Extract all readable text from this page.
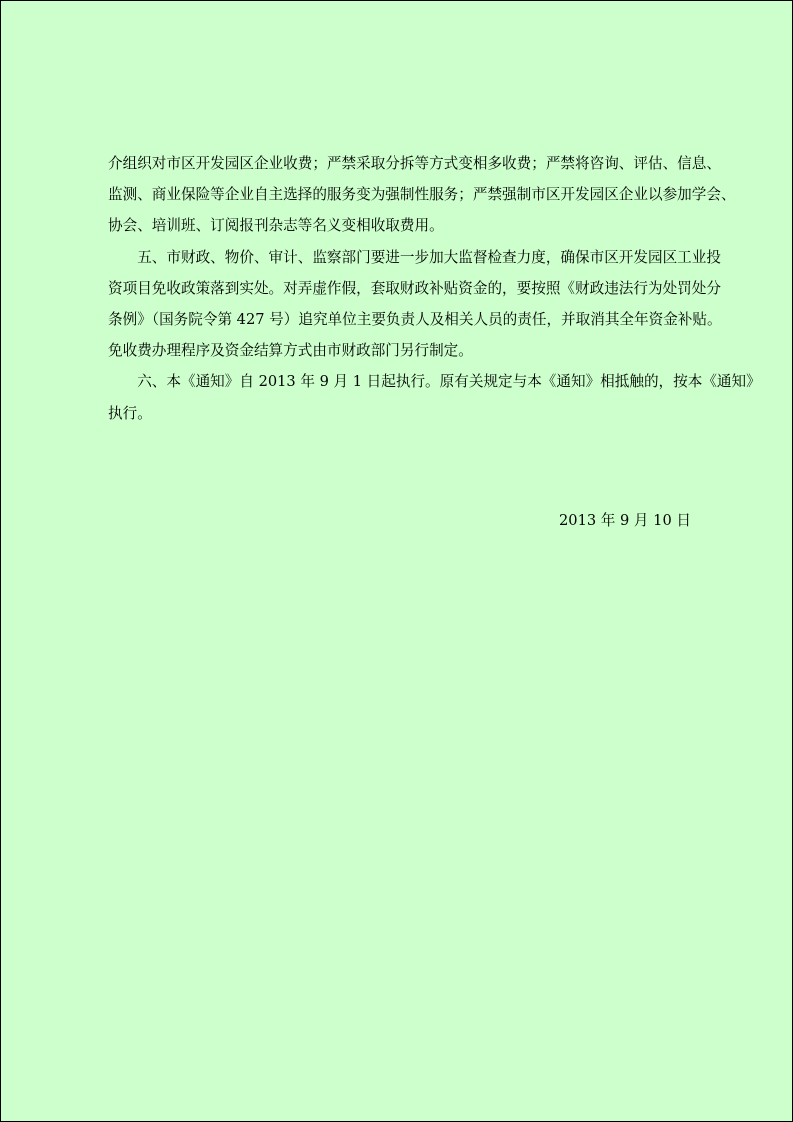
介组织对市区开发园区企业收费；严禁采取分拆等方式变相多收费；严禁将咨询、评估、信息、
监测、商业保险等企业自主选择的服务变为强制性服务；严禁强制市区开发园区企业以参加学会、
协会、培训班、订阅报刊杂志等名义变相收取费用。
　　五、市财政、物价、审计、监察部门要进一步加大监督检查力度，确保市区开发园区工业投
资项目免收政策落到实处。对弄虚作假，套取财政补贴资金的，要按照《财政违法行为处罚处分
条例》（国务院令第 427 号）追究单位主要负责人及相关人员的责任，并取消其全年资金补贴。
免收费办理程序及资金结算方式由市财政部门另行制定。
　　六、本《通知》自 2013 年 9 月 1 日起执行。原有关规定与本《通知》相抵触的，按本《通知》
执行。
2013 年 9 月 10 日
